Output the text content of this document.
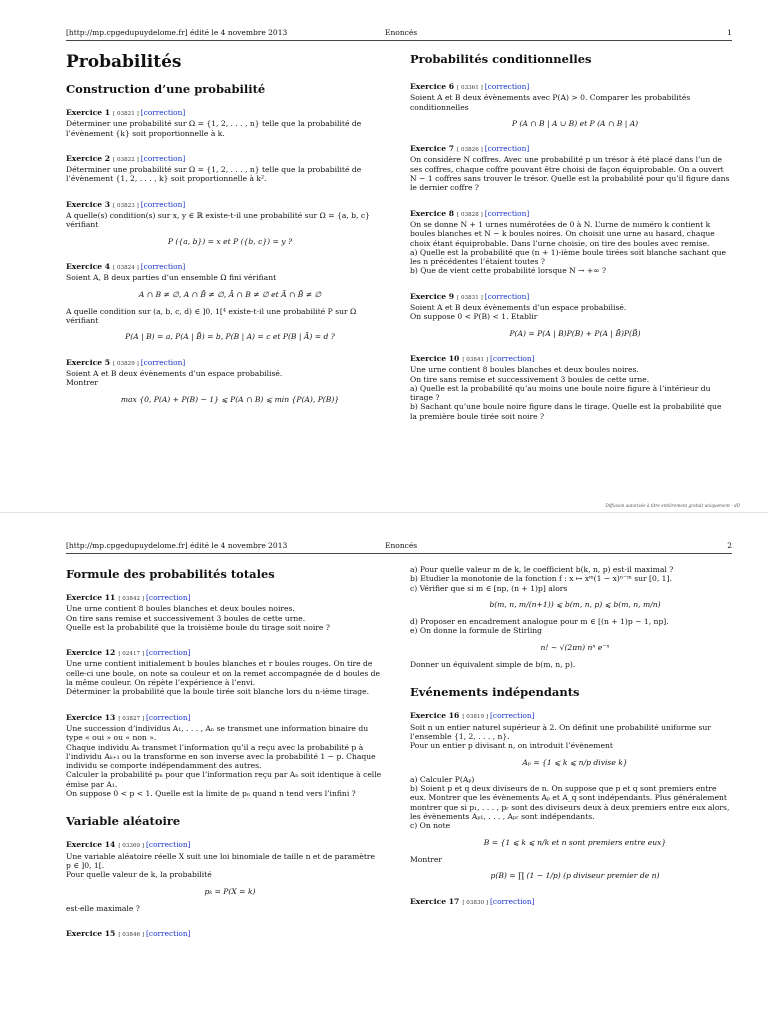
[http://mp.cpgedupuydelome.fr] édité le 4 novembre 2013	Enoncés	1
Probabilités
Construction d’une probabilité
Exercice 1 [ 03821 ] [correction]

Déterminer une probabilité sur Ω = {1, 2, . . . , n} telle que la probabilité de
l’évènement {k} soit proportionnelle à k.

Exercice 2 [ 03822 ] [correction]

Déterminer une probabilité sur Ω = {1, 2, . . . , n} telle que la probabilité de
l’évènement {1, 2, . . . , k} soit proportionnelle à k².

Exercice 3 [ 03823 ] [correction]

A quelle(s) condition(s) sur x, y ∈ ℝ existe-t-il une probabilité sur Ω = {a, b, c}
vérifiant

P ({a, b}) = x et P ({b, c}) = y ?
Exercice 4 [ 03824 ] [correction]

Soient A, B deux parties d’un ensemble Ω fini vérifiant

A ∩ B ≠ ∅, A ∩ B̄ ≠ ∅, Ā ∩ B ≠ ∅ et Ā ∩ B̄ ≠ ∅

A quelle condition sur (a, b, c, d) ∈ ]0, 1[⁴ existe-t-il une probabilité P sur Ω
vérifiant

P(A | B) = a, P(A | B̄) = b, P(B | A) = c et P(B | Ā) = d ?
Exercice 5 [ 03829 ] [correction]

Soient A et B deux évènements d’un espace probabilisé.
Montrer

max {0, P(A) + P(B) − 1} ⩽ P(A ∩ B) ⩽ min {P(A), P(B)}
Probabilités conditionnelles
Exercice 6 [ 03361 ] [correction]

Soient A et B deux évènements avec P(A) > 0. Comparer les probabilités
conditionnelles

P (A ∩ B | A ∪ B) et P (A ∩ B | A)
Exercice 7 [ 03826 ] [correction]

On considère N coffres. Avec une probabilité p un trésor à été placé dans l’un de
ses coffres, chaque coffre pouvant être choisi de façon équiprobable. On a ouvert
N − 1 coffres sans trouver le trésor. Quelle est la probabilité pour qu’il figure dans
le dernier coffre ?

Exercice 8 [ 03828 ] [correction]

On se donne N + 1 urnes numérotées de 0 à N. L’urne de numéro k contient k
boules blanches et N − k boules noires. On choisit une urne au hasard, chaque
choix étant équiprobable. Dans l’urne choisie, on tire des boules avec remise.
a) Quelle est la probabilité que (n + 1)-ième boule tirées soit blanche sachant que
les n précédentes l’étaient toutes ?
b) Que de vient cette probabilité lorsque N → +∞ ?

Exercice 9 [ 03831 ] [correction]

Soient A et B deux évènements d’un espace probabilisé.
On suppose 0 < P(B) < 1. Etablir

P(A) = P(A | B)P(B) + P(A | B̄)P(B̄)
Exercice 10 [ 03841 ] [correction]

Une urne contient 8 boules blanches et deux boules noires.
On tire sans remise et successivement 3 boules de cette urne.
a) Quelle est la probabilité qu’au moins une boule noire figure à l’intérieur du
tirage ?
b) Sachant qu’une boule noire figure dans le tirage. Quelle est la probabilité que
la première boule tirée soit noire ?

Diffusion autorisée à titre entièrement gratuit uniquement - dD
[http://mp.cpgedupuydelome.fr] édité le 4 novembre 2013	Enoncés	2
Formule des probabilités totales
Exercice 11 [ 03842 ] [correction]

Une urne contient 8 boules blanches et deux boules noires.
On tire sans remise et successivement 3 boules de cette urne.
Quelle est la probabilité que la troisième boule du tirage soit noire ?

Exercice 12 [ 02417 ] [correction]

Une urne contient initialement b boules blanches et r boules rouges. On tire de
celle-ci une boule, on note sa couleur et on la remet accompagnée de d boules de
la même couleur. On répète l’expérience à l’envi.
Déterminer la probabilité que la boule tirée soit blanche lors du n-ième tirage.

Exercice 13 [ 03827 ] [correction]

Une succession d’individus A₁, . . . , Aₙ se transmet une information binaire du
type « oui » ou « non ».
Chaque individu Aₖ transmet l’information qu’il a reçu avec la probabilité p à
l’individu Aₖ₊₁ ou la transforme en son inverse avec la probabilité 1 − p. Chaque
individu se comporte indépendamment des autres.
Calculer la probabilité pₙ pour que l’information reçu par Aₙ soit identique à celle
émise par A₁.
On suppose 0 < p < 1. Quelle est la limite de pₙ quand n tend vers l’infini ?

Variable aléatoire
Exercice 14 [ 03369 ] [correction]

Une variable aléatoire réelle X suit une loi binomiale de taille n et de paramètre
p ∈ ]0, 1[.
Pour quelle valeur de k, la probabilité

pₖ = P(X = k)

est-elle maximale ?

Exercice 15 [ 03846 ] [correction]

a) Pour quelle valeur m de k, le coefficient b(k, n, p) est-il maximal ?
b) Etudier la monotonie de la fonction f : x ↦ xᵐ(1 − x)ⁿ⁻ᵐ sur [0, 1].
c) Vérifier que si m ∈ [np, (n + 1)p] alors

b(m, n, m/(n+1)) ⩽ b(m, n, p) ⩽ b(m, n, m/n)

d) Proposer en encadrement analogue pour m ∈ [(n + 1)p − 1, np].
e) On donne la formule de Stirling

n! ∼ √(2πn) nⁿ e⁻ⁿ

Donner un équivalent simple de b(m, n, p).

Evénements indépendants
Exercice 16 [ 03819 ] [correction]

Soit n un entier naturel supérieur à 2. On définit une probabilité uniforme sur
l’ensemble {1, 2, . . . , n}.
Pour un entier p divisant n, on introduit l’évènement

Aₚ = {1 ⩽ k ⩽ n/p divise k}

a) Calculer P(Aₚ)
b) Soient p et q deux diviseurs de n. On suppose que p et q sont premiers entre
eux. Montrer que les évènements Aₚ et A_q sont indépendants. Plus généralement
montrer que si p₁, . . . , pᵣ sont des diviseurs deux à deux premiers entre eux alors,
les évènements Aₚ₁, . . . , Aₚᵣ sont indépendants.
c) On note

B = {1 ⩽ k ⩽ n/k et n sont premiers entre eux}

Montrer

p(B) = ∏ (1 − 1/p) (p diviseur premier de n)
Exercice 17 [ 03830 ] [correction]
